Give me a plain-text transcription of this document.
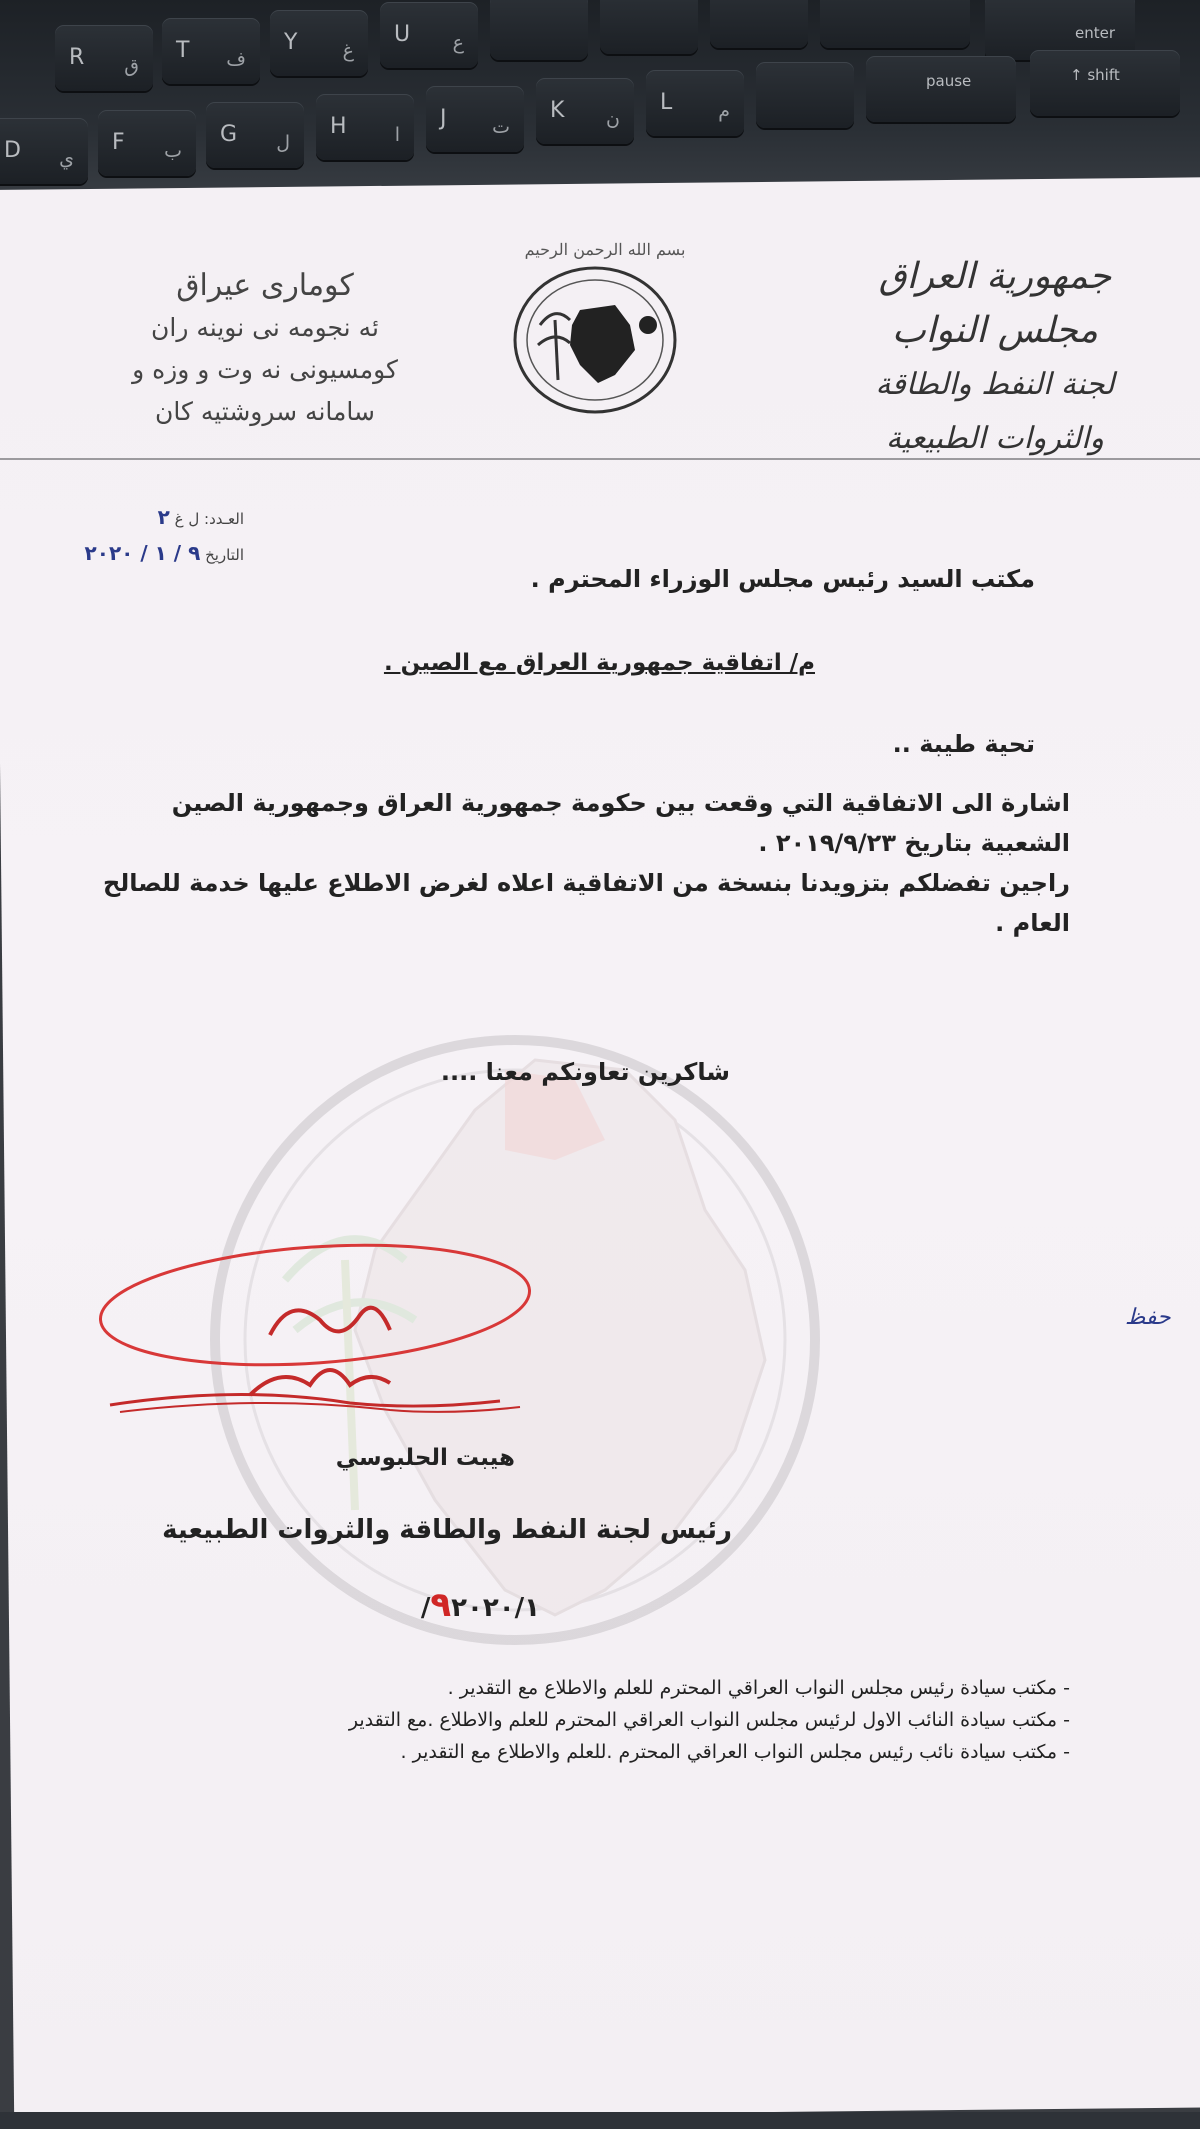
R ق
T ف
Y غ
U ع	enter
D ي
F ب
G ل
H	ا
J ت
K ن
L م
pause	↑ shift
جمهورية العراق
مجلس النواب
لجنة النفط والطاقة والثروات الطبيعية
بسم الله الرحمن الرحيم
كوماری عیراق
ئه نجومه نی نوینه ران
كومسیونی نه وت و وزه و
سامانه سروشتیه كان
العـدد: ل غ ٢
التاريخ ٩ / ١ / ٢٠٢٠
مكتب السيد رئيس مجلس الوزراء المحترم .
م/ اتفاقية جمهورية العراق مع الصين .
تحية طيبة ..

اشارة الى الاتفاقية التي وقعت بين حكومة جمهورية العراق وجمهورية الصين الشعبية بتاريخ ٢٠١٩/٩/٢٣ .

راجين تفضلكم بتزويدنا بنسخة من الاتفاقية اعلاه لغرض الاطلاع عليها خدمة للصالح العام .

شاكرين تعاونكم معنا ....
حفظ
هيبت الحلبوسي
رئيس لجنة النفط والطاقة والثروات الطبيعية
٩٢٠٢٠/١/
- مكتب سيادة رئيس مجلس النواب العراقي المحترم للعلم والاطلاع مع التقدير .
- مكتب سيادة النائب الاول لرئيس مجلس النواب العراقي المحترم للعلم والاطلاع .مع التقدير
- مكتب سيادة نائب رئيس مجلس النواب العراقي المحترم .للعلم والاطلاع مع التقدير .
